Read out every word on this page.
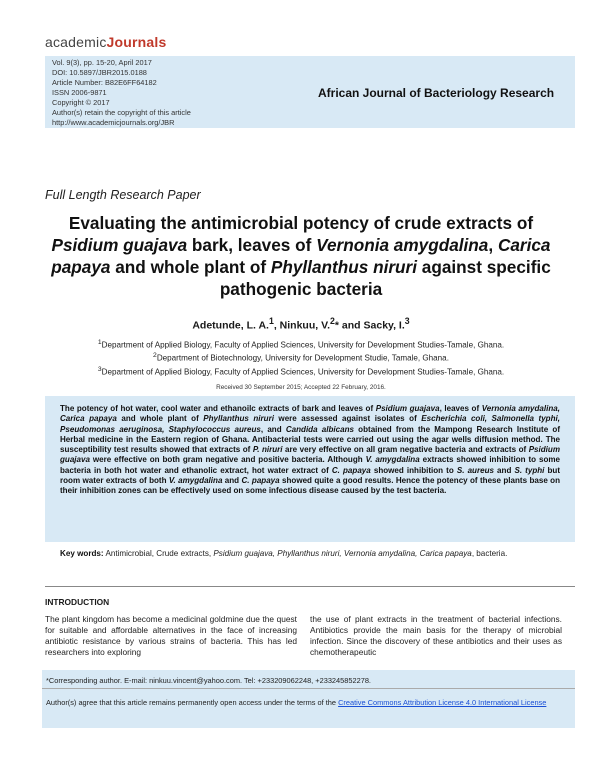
academicJournals
Vol. 9(3), pp. 15-20, April 2017
DOI: 10.5897/JBR2015.0188
Article Number: B82E6FF64182
ISSN 2006-9871
Copyright © 2017
Author(s) retain the copyright of this article
http://www.academicjournals.org/JBR
African Journal of Bacteriology Research
Full Length Research Paper
Evaluating the antimicrobial potency of crude extracts of Psidium guajava bark, leaves of Vernonia amygdalina, Carica papaya and whole plant of Phyllanthus niruri against specific pathogenic bacteria
Adetunde, L. A.$^1$, Ninkuu, V.$^2$* and Sacky, I.$^3$
$^1$Department of Applied Biology, Faculty of Applied Sciences, University for Development Studies-Tamale, Ghana.
$^2$Department of Biotechnology, University for Development Studie, Tamale, Ghana.
$^3$Department of Applied Biology, Faculty of Applied Sciences, University for Development Studies-Tamale, Ghana.
Received 30 September 2015; Accepted 22 February, 2016.
The potency of hot water, cool water and ethanoilc extracts of bark and leaves of Psidium guajava, leaves of Vernonia amydalina, Carica papaya and whole plant of Phyllanthus niruri were assessed against isolates of Escherichia coli, Salmonella typhi, Pseudomonas aeruginosa, Staphylococcus aureus, and Candida albicans obtained from the Mampong Research Institute of Herbal medicine in the Eastern region of Ghana. Antibacterial tests were carried out using the agar wells diffusion method. The susceptibility test results showed that extracts of P. niruri are very effective on all gram negative bacteria and extracts of Psidium guajava were effective on both gram negative and positive bacteria. Although V. amygdalina extracts showed inhibition to some bacteria in both hot water and ethanolic extract, hot water extract of C. papaya showed inhibition to S. aureus and S. typhi but room water extracts of both V. amygdalina and C. papaya showed quite a good results. Hence the potency of these plants base on their inhibition zones can be effectively used on some infectious disease caused by the test bacteria.
Key words: Antimicrobial, Crude extracts, Psidium guajava, Phyllanthus niruri, Vernonia amydalina, Carica papaya, bacteria.
INTRODUCTION
The plant kingdom has become a medicinal goldmine due the quest for suitable and affordable alternatives in the face of increasing antibiotic resistance by various strains of bacteria. This has led researchers into exploring
the use of plant extracts in the treatment of bacterial infections. Antibiotics provide the main basis for the therapy of microbial infection. Since the discovery of these antibiotics and their uses as chemotherapeutic
*Corresponding author. E-mail: ninkuu.vincent@yahoo.com. Tel: +233209062248, +233245852278.
Author(s) agree that this article remains permanently open access under the terms of the Creative Commons Attribution License 4.0 International License
